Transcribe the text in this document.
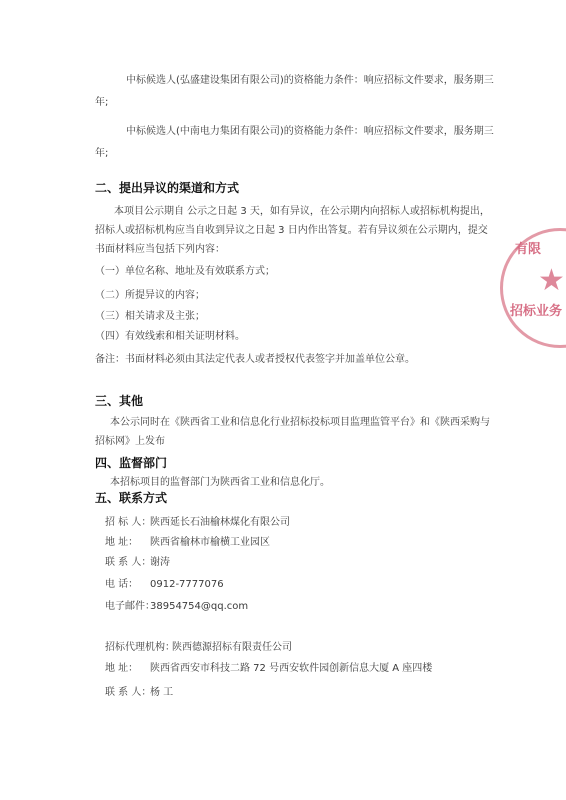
中标候选人(弘盛建设集团有限公司)的资格能力条件：响应招标文件要求，服务期三
年;
中标候选人(中南电力集团有限公司)的资格能力条件：响应招标文件要求，服务期三
年;
二、提出异议的渠道和方式
本项目公示期自 公示之日起 3 天，如有异议，在公示期内向招标人或招标机构提出，
招标人或招标机构应当自收到异议之日起 3 日内作出答复。若有异议须在公示期内，提交
书面材料应当包括下列内容：
（一）单位名称、地址及有效联系方式；
（二）所提异议的内容；
（三）相关请求及主张；
（四）有效线索和相关证明材料。
备注：书面材料必须由其法定代表人或者授权代表签字并加盖单位公章。
三、其他
本公示同时在《陕西省工业和信息化行业招标投标项目监理监管平台》和《陕西采购与
招标网》上发布
四、监督部门
本招标项目的监督部门为陕西省工业和信息化厅。
五、联系方式
招 标 人：
陕西延长石油榆林煤化有限公司
地 址： 陕西省榆林市榆横工业园区
联 系 人：
谢涛
电 话： 0912-7777076
电子邮件：
38954754@qq.com
招标代理机构：
陕西德源招标有限责任公司
地 址： 陕西省西安市科技二路 72 号西安软件园创新信息大厦 A 座四楼
联 系 人：
杨 工
有限
★
招标业务
